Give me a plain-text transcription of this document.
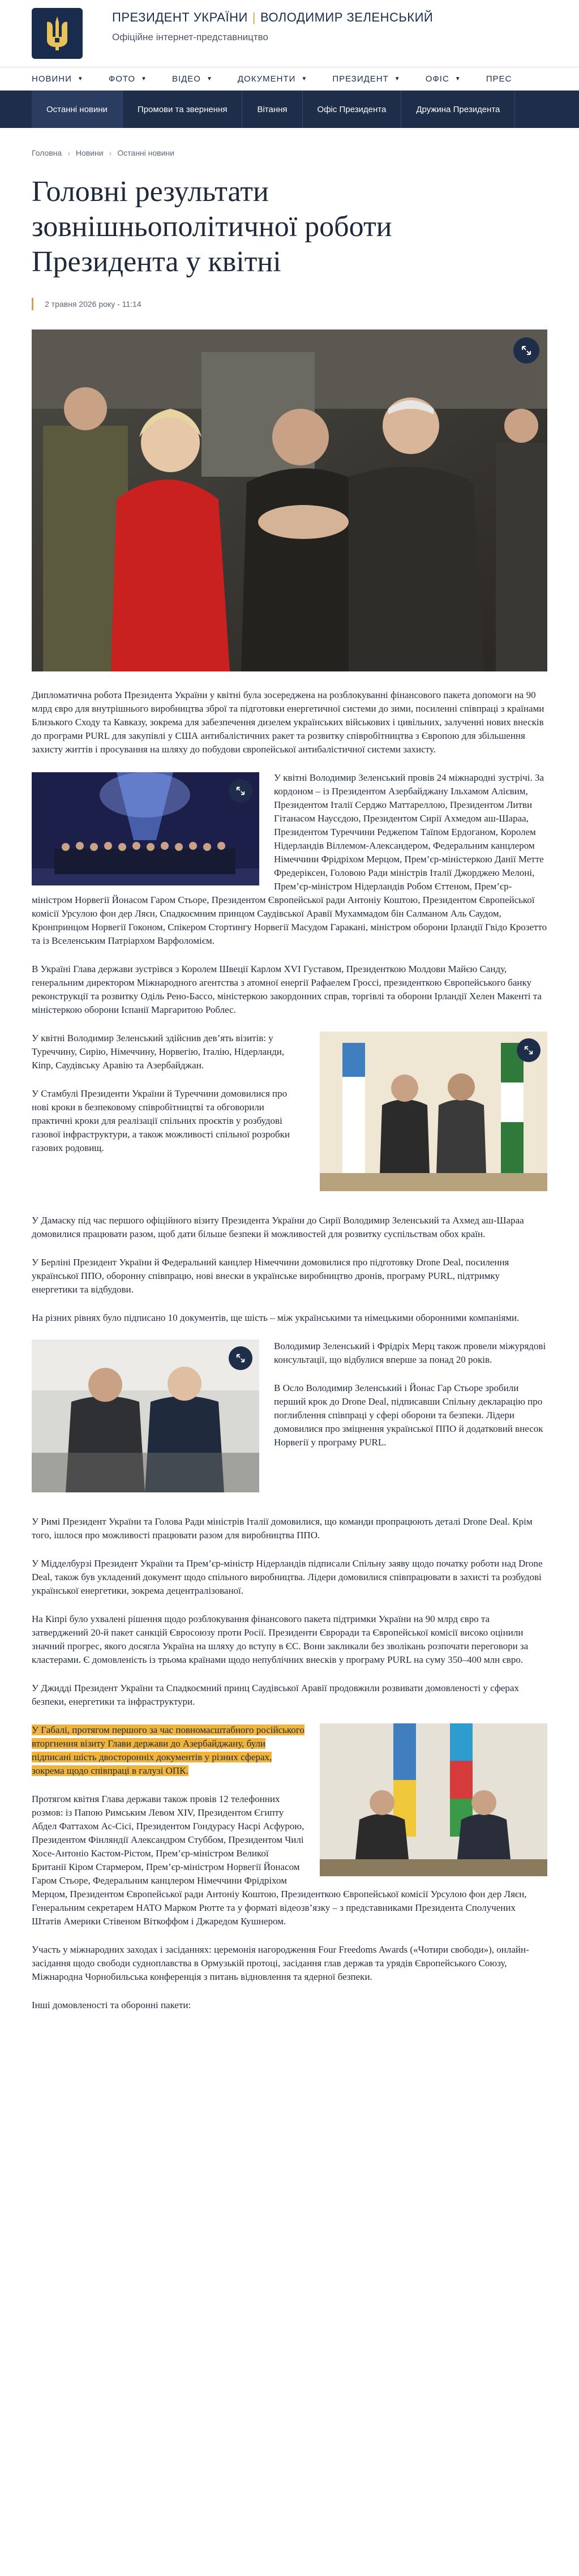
ПРЕЗИДЕНТ УКРАЇНИ | ВОЛОДИМИР ЗЕЛЕНСЬКИЙ
Офіційне інтернет-представництво
НОВИНИ ▼	ФОТО ▼	ВІДЕО ▼	ДОКУМЕНТИ ▼	ПРЕЗИДЕНТ ▼	ОФІС ▼	ПРЕС
Останні новини	Промови та звернення	Вітання	Офіс Президента	Дружина Президента
Головна › Новини › Останні новини
Головні результати зовнішньополітичної роботи Президента у квітні
2 травня 2026 року - 11:14

Дипломатична робота Президента України у квітні була зосереджена на розблокуванні фінансового пакета допомоги на 90 млрд євро для внутрішнього виробництва зброї та підготовки енергетичної системи до зими, посиленні співпраці з країнами Близького Сходу та Кавказу, зокрема для забезпечення дизелем українських військових і цивільних, залученні нових внесків до програми PURL для закупівлі у США антибалістичних ракет та розвитку співробітництва з Європою для збільшення захисту життів і просування на шляху до побудови європейської антибалістичної системи захисту.

У квітні Володимир Зеленський провів 24 міжнародні зустрічі. За кордоном – із Президентом Азербайджану Ільхамом Алієвим, Президентом Італії Серджо Маттареллою, Президентом Литви Гітанасом Наусєдою, Президентом Сирії Ахмедом аш-Шараа, Президентом Туреччини Реджепом Таїпом Ердоганом, Королем Нідерландів Віллемом-Александером, Федеральним канцлером Німеччини Фрідріхом Мерцом, Прем’єр-міністеркою Данії Метте Фредеріксен, Головою Ради міністрів Італії Джорджею Мелоні, Прем’єр-міністром Нідерландів Робом Єттеном, Прем’єр-міністром Норвегії Йонасом Гаром Стьоре, Президентом Європейської ради Антоніу Коштою, Президентом Європейської комісії Урсулою фон дер Ляєн, Спадкоємним принцом Саудівської Аравії Мухаммадом бін Салманом Аль Саудом, Кронпринцом Норвегії Гоконом, Спікером Стортингу Норвегії Масудом Гаракані, міністром оборони Ірландії Гвідо Крозетто та із Вселенським Патріархом Варфоломієм.

В Україні Глава держави зустрівся з Королем Швеції Карлом XVI Густавом, Президенткою Молдови Майєю Санду, генеральним директором Міжнародного агентства з атомної енергії Рафаелем Гроссі, президенткою Європейського банку реконструкції та розвитку Оділь Рено-Бассо, міністеркою закордонних справ, торгівлі та оборони Ірландії Хелен Макенті та міністеркою оборони Іспанії Маргаритою Роблес.

У квітні Володимир Зеленський здійснив дев’ять візитів: у Туреччину, Сирію, Німеччину, Норвегію, Італію, Нідерланди, Кіпр, Саудівську Аравію та Азербайджан.

У Стамбулі Президенти України й Туреччини домовилися про нові кроки в безпековому співробітництві та обговорили практичні кроки для реалізації спільних проєктів у розбудові газової інфраструктури, а також можливості спільної розробки газових родовищ.

У Дамаску під час першого офіційного візиту Президента України до Сирії Володимир Зеленський та Ахмед аш-Шараа домовилися працювати разом, щоб дати більше безпеки й можливостей для розвитку суспільствам обох країн.

У Берліні Президент України й Федеральний канцлер Німеччини домовилися про підготовку Drone Deal, посилення української ППО, оборонну співпрацю, нові внески в українське виробництво дронів, програму PURL, підтримку енергетики та відбудови.

На різних рівнях було підписано 10 документів, ще шість – між українськими та німецькими оборонними компаніями.

Володимир Зеленський і Фрідріх Мерц також провели міжурядові консультації, що відбулися вперше за понад 20 років.

В Осло Володимир Зеленський і Йонас Гар Стьоре зробили перший крок до Drone Deal, підписавши Спільну декларацію про поглиблення співпраці у сфері оборони та безпеки. Лідери домовилися про зміцнення української ППО й додатковий внесок Норвегії у програму PURL.

У Римі Президент України та Голова Ради міністрів Італії домовилися, що команди пропрацюють деталі Drone Deal. Крім того, ішлося про можливості працювати разом для виробництва ППО.

У Мідделбурзі Президент України та Прем’єр-міністр Нідерландів підписали Спільну заяву щодо початку роботи над Drone Deal, також був укладений документ щодо спільного виробництва. Лідери домовилися співпрацювати в захисті та розбудові української енергетики, зокрема децентралізованої.

На Кіпрі було ухвалені рішення щодо розблокування фінансового пакета підтримки України на 90 млрд євро та затверджений 20-й пакет санкцій Євросоюзу проти Росії. Президенти Євроради та Європейської комісії високо оцінили значний прогрес, якого досягла Україна на шляху до вступу в ЄС. Вони закликали без зволікань розпочати переговори за кластерами. Є домовленість із трьома країнами щодо непублічних внесків у програму PURL на суму 350–400 млн євро.

У Джидді Президент України та Спадкоємний принц Саудівської Аравії продовжили розвивати домовленості у сферах безпеки, енергетики та інфраструктури.

У Габалі, протягом першого за час повномасштабного російського вторгнення візиту Глави держави до Азербайджану, були підписані шість двосторонніх документів у різних сферах, зокрема щодо співпраці в галузі ОПК.

Протягом квітня Глава держави також провів 12 телефонних розмов: із Папою Римським Левом XIV, Президентом Єгипту Абдел Фаттахом Ас-Сісі, Президентом Гондурасу Насрі Асфурою, Президентом Фінляндії Александром Стуббом, Президентом Чилі Хосе-Антоніо Кастом-Рістом, Прем’єр-міністром Великої Британії Кіром Стармером, Прем’єр-міністром Норвегії Йонасом Гаром Стьоре, Федеральним канцлером Німеччини Фрідріхом Мерцом, Президентом Європейської ради Антоніу Коштою, Президенткою Європейської комісії Урсулою фон дер Ляєн, Генеральним секретарем НАТО Марком Рютте та у форматі відеозв’язку – з представниками Президента Сполучених Штатів Америки Стівеном Віткоффом і Джаредом Кушнером.

Участь у міжнародних заходах і засіданнях: церемонія нагородження Four Freedoms Awards («Чотири свободи»), онлайн-засідання щодо свободи судноплавства в Ормузькій протоці, засідання глав держав та урядів Європейського Союзу, Міжнародна Чорнобильська конференція з питань відновлення та ядерної безпеки.

Інші домовленості та оборонні пакети:
